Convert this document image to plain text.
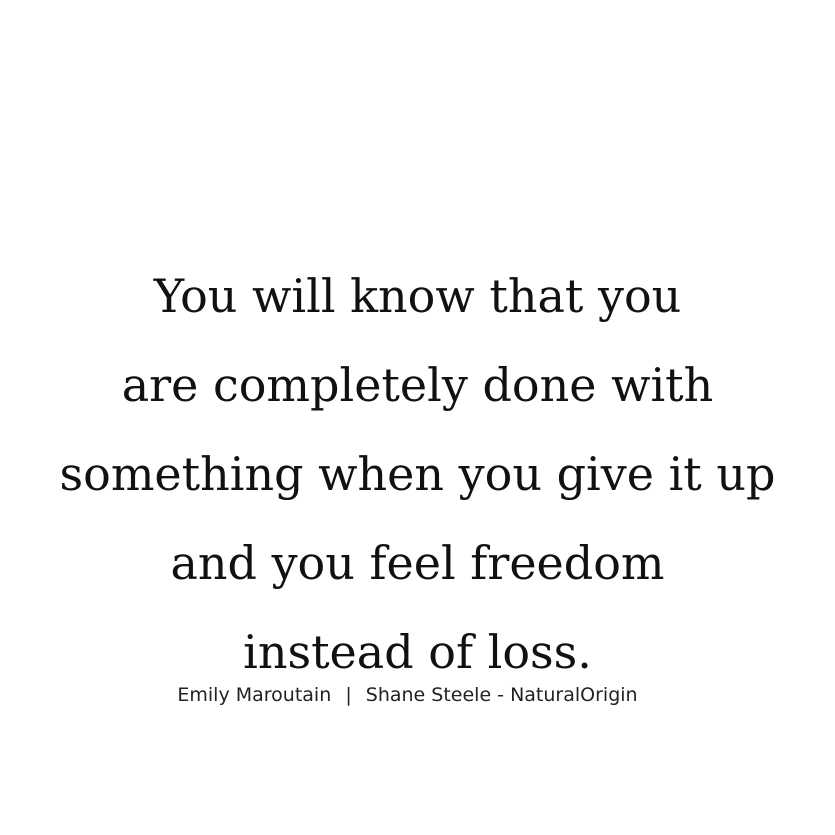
You will know that you
are completely done with
something when you give it up
and you feel freedom
instead of loss.

Emily Maroutain | Shane Steele - NaturalOrigin
